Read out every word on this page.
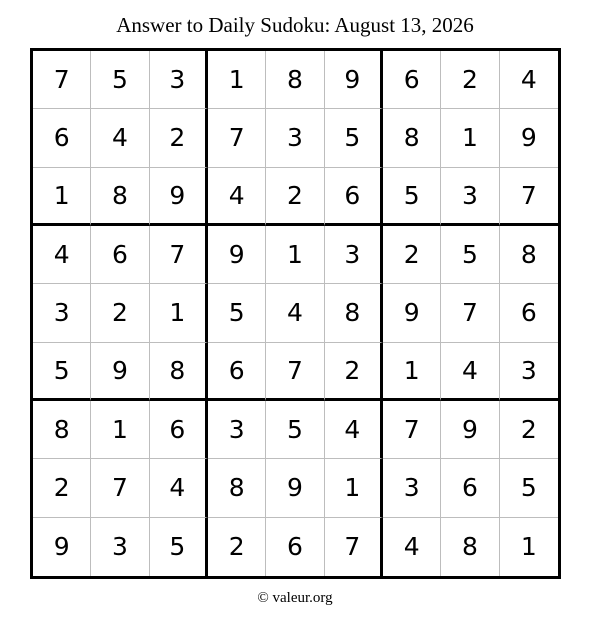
Answer to Daily Sudoku: August 13, 2026
7	5	3	1	8	9	6	2	4
6	4	2	7	3	5	8	1	9
1	8	9	4	2	6	5	3	7
4	6	7	9	1	3	2	5	8
3	2	1	5	4	8	9	7	6
5	9	8	6	7	2	1	4	3
8	1	6	3	5	4	7	9	2
2	7	4	8	9	1	3	6	5
9	3	5	2	6	7	4	8	1
© valeur.org
